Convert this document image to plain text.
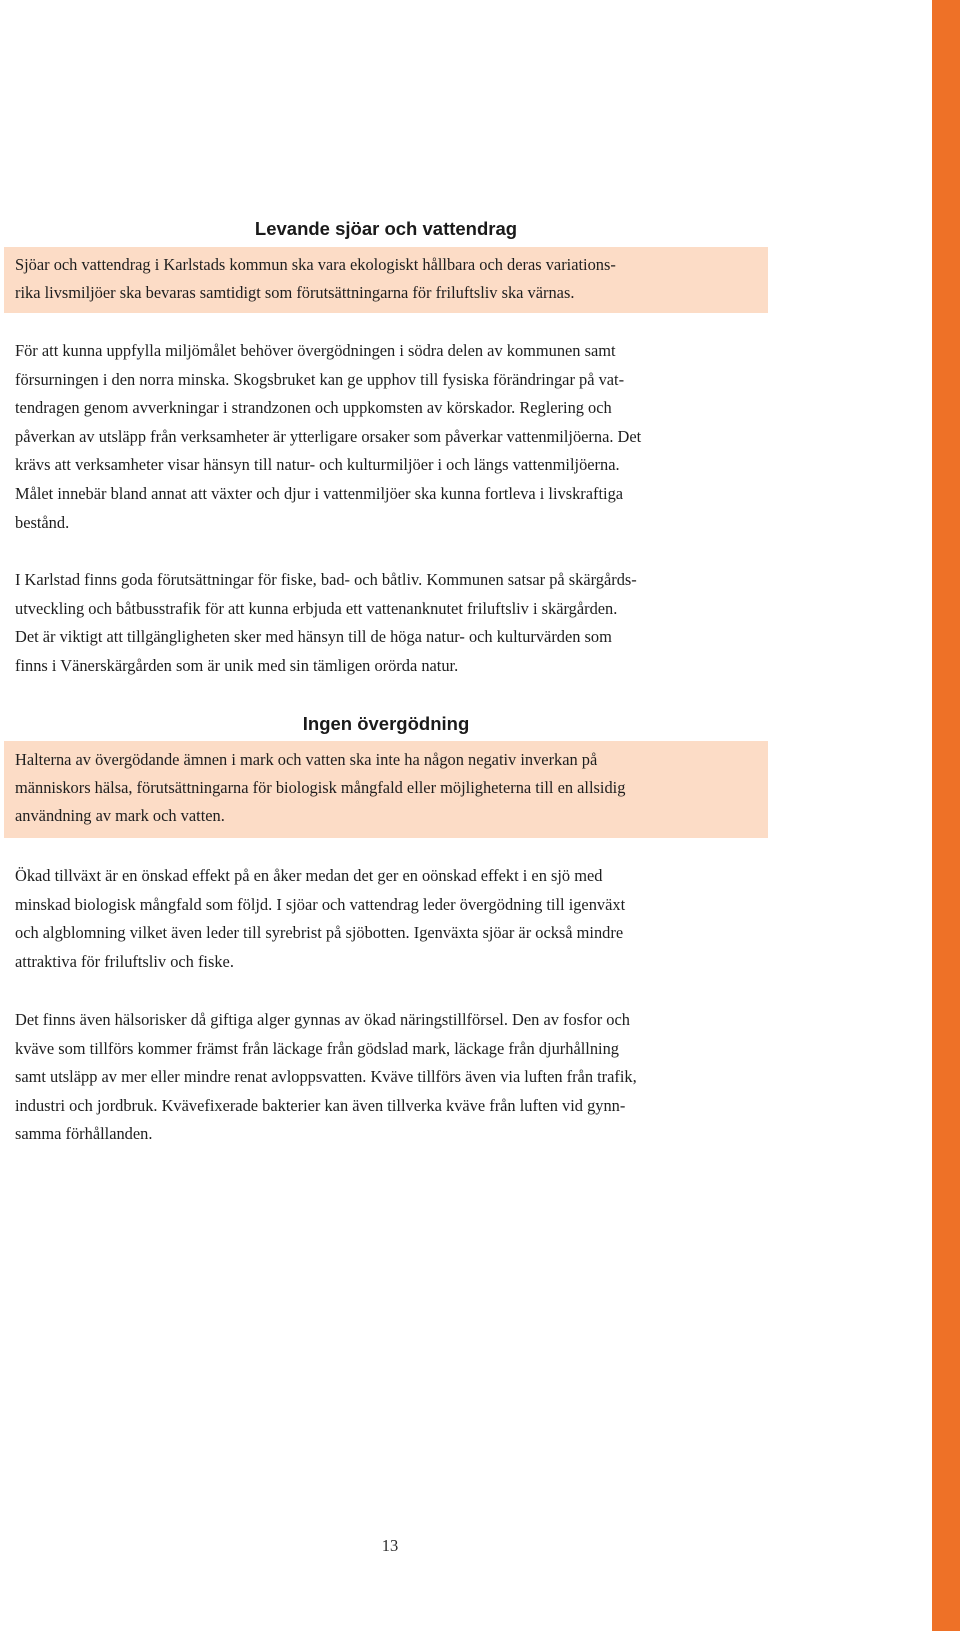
Levande sjöar och vattendrag

Sjöar och vattendrag i Karlstads kommun ska vara ekologiskt hållbara och deras variations-
rika livsmiljöer ska bevaras samtidigt som förutsättningarna för friluftsliv ska värnas.

För att kunna uppfylla miljömålet behöver övergödningen i södra delen av kommunen samt
försurningen i den norra minska. Skogsbruket kan ge upphov till fysiska förändringar på vat-
tendragen genom avverkningar i strandzonen och uppkomsten av körskador. Reglering och
påverkan av utsläpp från verksamheter är ytterligare orsaker som påverkar vattenmiljöerna. Det
krävs att verksamheter visar hänsyn till natur- och kulturmiljöer i och längs vattenmiljöerna.
Målet innebär bland annat att växter och djur i vattenmiljöer ska kunna fortleva i livskraftiga
bestånd.

I Karlstad finns goda förutsättningar för fiske, bad- och båtliv. Kommunen satsar på skärgårds-
utveckling och båtbusstrafik för att kunna erbjuda ett vattenanknutet friluftsliv i skärgården.
Det är viktigt att tillgängligheten sker med hänsyn till de höga natur- och kulturvärden som
finns i Vänerskärgården som är unik med sin tämligen orörda natur.

Ingen övergödning

Halterna av övergödande ämnen i mark och vatten ska inte ha någon negativ inverkan på
människors hälsa, förutsättningarna för biologisk mångfald eller möjligheterna till en allsidig
användning av mark och vatten.

Ökad tillväxt är en önskad effekt på en åker medan det ger en oönskad effekt i en sjö med
minskad biologisk mångfald som följd. I sjöar och vattendrag leder övergödning till igenväxt
och algblomning vilket även leder till syrebrist på sjöbotten. Igenväxta sjöar är också mindre
attraktiva för friluftsliv och fiske.

Det finns även hälsorisker då giftiga alger gynnas av ökad näringstillförsel. Den av fosfor och
kväve som tillförs kommer främst från läckage från gödslad mark, läckage från djurhållning
samt utsläpp av mer eller mindre renat avloppsvatten. Kväve tillförs även via luften från trafik,
industri och jordbruk. Kvävefixerade bakterier kan även tillverka kväve från luften vid gynn-
samma förhållanden.

13
